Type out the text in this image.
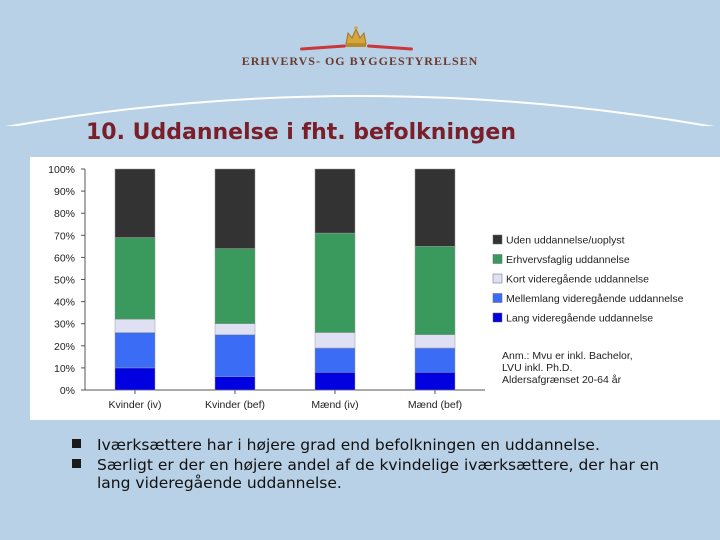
ERHVERVS- OG BYGGESTYRELSEN
10. Uddannelse i fht. befolkningen
0%
10%
20%
30%
40%
50%
60%
70%
80%
90%
100%
Kvinder (iv)	Kvinder (bef)	Mænd (iv)	Mænd (bef)
Uden uddannelse/uoplyst
Erhvervsfaglig uddannelse
Kort videregående uddannelse
Mellemlang videregående uddannelse
Lang videregående uddannelse
Anm.: Mvu er inkl. Bachelor,
LVU inkl. Ph.D.
Aldersafgrænset 20-64 år
Iværksættere har i højere grad end befolkningen en uddannelse.
Særligt er der en højere andel af de kvindelige iværksættere, der har en lang videregående uddannelse.
